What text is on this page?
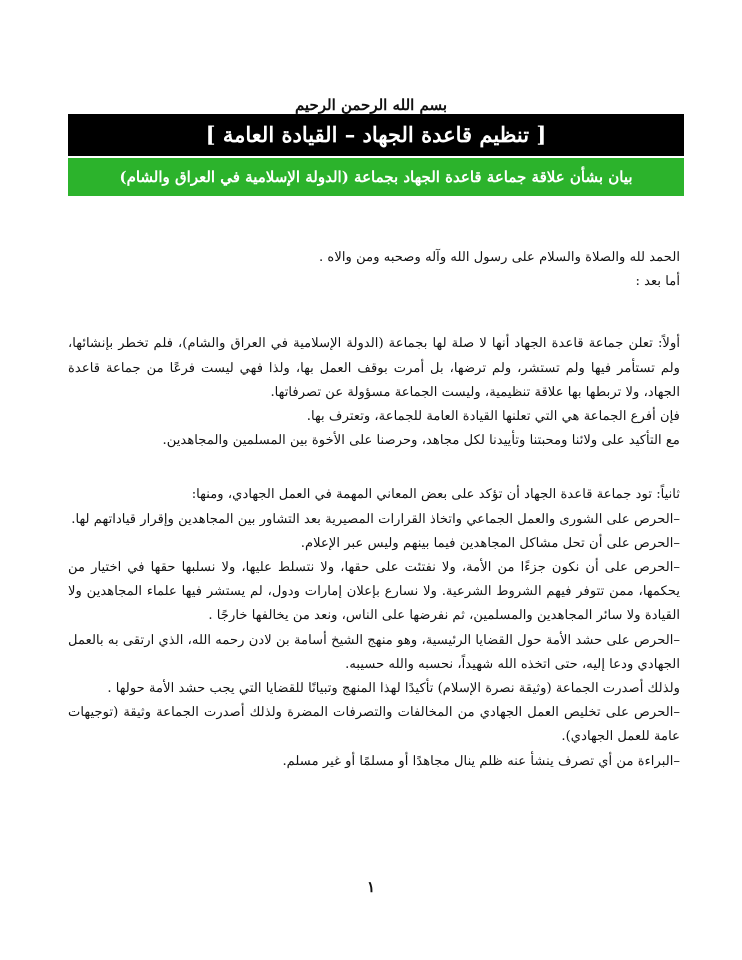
بسم الله الرحمن الرحيم
[ تنظيم قاعدة الجهاد – القيادة العامة ]
بيان بشأن علاقة جماعة قاعدة الجهاد بجماعة (الدولة الإسلامية في العراق والشام)

الحمد لله والصلاة والسلام على رسول الله وآله وصحبه ومن والاه .

أما بعد :

أولاً: تعلن جماعة قاعدة الجهاد أنها لا صلة لها بجماعة (الدولة الإسلامية في العراق والشام)، فلم تخطر بإنشائها، ولم تستأمر فيها ولم تستشر، ولم ترضها، بل أمرت بوقف العمل بها، ولذا فهي ليست فرعًا من جماعة قاعدة الجهاد، ولا تربطها بها علاقة تنظيمية، وليست الجماعة مسؤولة عن تصرفاتها.

فإن أفرع الجماعة هي التي تعلنها القيادة العامة للجماعة، وتعترف بها.

مع التأكيد على ولائنا ومحبتنا وتأييدنا لكل مجاهد، وحرصنا على الأخوة بين المسلمين والمجاهدين.

ثانياً: تود جماعة قاعدة الجهاد أن تؤكد على بعض المعاني المهمة في العمل الجهادي، ومنها:

–الحرص على الشورى والعمل الجماعي واتخاذ القرارات المصيرية بعد التشاور بين المجاهدين وإقرار قياداتهم لها.

–الحرص على أن تحل مشاكل المجاهدين فيما بينهم وليس عبر الإعلام.

–الحرص على أن نكون جزءًا من الأمة، ولا نفتئت على حقها، ولا نتسلط عليها، ولا نسلبها حقها في اختيار من يحكمها، ممن تتوفر فيهم الشروط الشرعية. ولا نسارع بإعلان إمارات ودول، لم يستشر فيها علماء المجاهدين ولا القيادة ولا سائر المجاهدين والمسلمين، ثم نفرضها على الناس، ونعد من يخالفها خارجًا .

–الحرص على حشد الأمة حول القضايا الرئيسية، وهو منهج الشيخ أسامة بن لادن رحمه الله، الذي ارتقى به بالعمل الجهادي ودعا إليه، حتى اتخذه الله شهيداً، نحسبه والله حسيبه.

ولذلك أصدرت الجماعة (وثيقة نصرة الإسلام) تأكيدًا لهذا المنهج وتبيانًا للقضايا التي يجب حشد الأمة حولها .

–الحرص على تخليص العمل الجهادي من المخالفات والتصرفات المضرة ولذلك أصدرت الجماعة وثيقة (توجيهات عامة للعمل الجهادي).

–البراءة من أي تصرف ينشأ عنه ظلم ينال مجاهدًا أو مسلمًا أو غير مسلم.

١
